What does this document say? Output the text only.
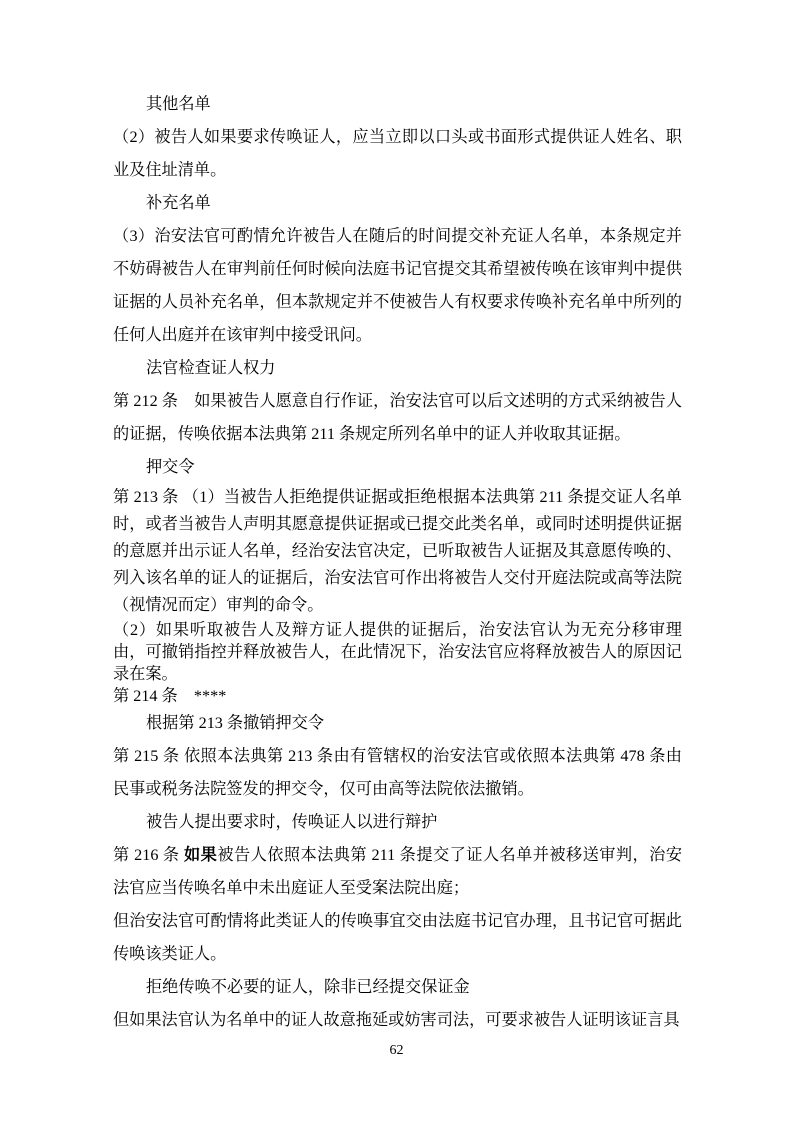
其他名单

（2）被告人如果要求传唤证人，应当立即以口头或书面形式提供证人姓名、职业及住址清单。

补充名单

（3）治安法官可酌情允许被告人在随后的时间提交补充证人名单，本条规定并不妨碍被告人在审判前任何时候向法庭书记官提交其希望被传唤在该审判中提供证据的人员补充名单，但本款规定并不使被告人有权要求传唤补充名单中所列的任何人出庭并在该审判中接受讯问。

法官检查证人权力

第 212 条　如果被告人愿意自行作证，治安法官可以后文述明的方式采纳被告人的证据，传唤依据本法典第 211 条规定所列名单中的证人并收取其证据。

押交令

第 213 条 （1）当被告人拒绝提供证据或拒绝根据本法典第 211 条提交证人名单时，或者当被告人声明其愿意提供证据或已提交此类名单，或同时述明提供证据的意愿并出示证人名单，经治安法官决定，已听取被告人证据及其意愿传唤的、列入该名单的证人的证据后，治安法官可作出将被告人交付开庭法院或高等法院（视情况而定）审判的命令。

（2）如果听取被告人及辩方证人提供的证据后，治安法官认为无充分移审理由，可撤销指控并释放被告人，在此情况下，治安法官应将释放被告人的原因记录在案。

第 214 条　****

根据第 213 条撤销押交令

第 215 条 依照本法典第 213 条由有管辖权的治安法官或依照本法典第 478 条由民事或税务法院签发的押交令，仅可由高等法院依法撤销。

被告人提出要求时，传唤证人以进行辩护

第 216 条 如果被告人依照本法典第 211 条提交了证人名单并被移送审判，治安法官应当传唤名单中未出庭证人至受案法院出庭；

但治安法官可酌情将此类证人的传唤事宜交由法庭书记官办理，且书记官可据此传唤该类证人。

拒绝传唤不必要的证人，除非已经提交保证金

但如果法官认为名单中的证人故意拖延或妨害司法，可要求被告人证明该证言具

62
